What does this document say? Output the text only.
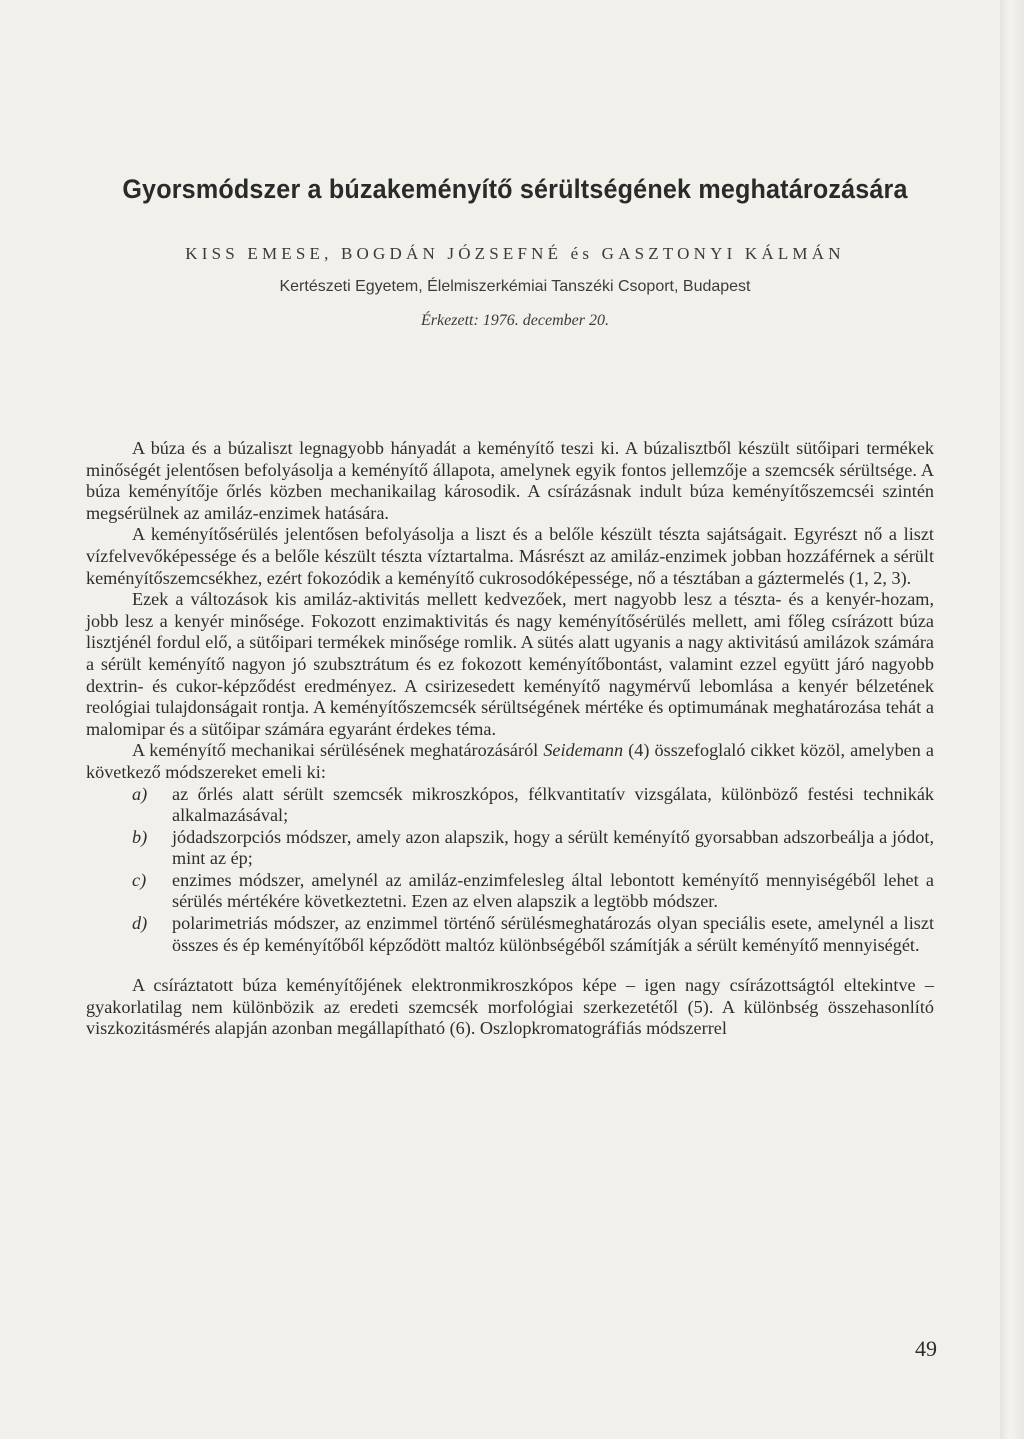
Gyorsmódszer a búzakeményítő sérültségének meghatározására
KISS EMESE, BOGDÁN JÓZSEFNÉ és GASZTONYI KÁLMÁN
Kertészeti Egyetem, Élelmiszerkémiai Tanszéki Csoport, Budapest
Érkezett: 1976. december 20.

A búza és a búzaliszt legnagyobb hányadát a keményítő teszi ki. A búzalisztből készült sütőipari termékek minőségét jelentősen befolyásolja a keményítő állapota, amelynek egyik fontos jellemzője a szemcsék sérültsége. A búza keményítője őrlés közben mechanikailag károsodik. A csírázásnak indult búza keményítőszemcséi szintén megsérülnek az amiláz-enzimek hatására.

A keményítősérülés jelentősen befolyásolja a liszt és a belőle készült tészta sajátságait. Egyrészt nő a liszt vízfelvevőképessége és a belőle készült tészta víztartalma. Másrészt az amiláz-enzimek jobban hozzáférnek a sérült keményítőszemcsékhez, ezért fokozódik a keményítő cukrosodóképessége, nő a tésztában a gáztermelés (1, 2, 3).

Ezek a változások kis amiláz-aktivitás mellett kedvezőek, mert nagyobb lesz a tészta- és a kenyér-hozam, jobb lesz a kenyér minősége. Fokozott enzimaktivitás és nagy keményítősérülés mellett, ami főleg csírázott búza lisztjénél fordul elő, a sütőipari termékek minősége romlik. A sütés alatt ugyanis a nagy aktivitású amilázok számára a sérült keményítő nagyon jó szubsztrátum és ez fokozott keményítőbontást, valamint ezzel együtt járó nagyobb dextrin- és cukor-képződést eredményez. A csirizesedett keményítő nagymérvű lebomlása a kenyér bélzetének reológiai tulajdonságait rontja. A keményítőszemcsék sérültségének mértéke és optimumának meghatározása tehát a malomipar és a sütőipar számára egyaránt érdekes téma.

A keményítő mechanikai sérülésének meghatározásáról Seidemann (4) összefoglaló cikket közöl, amelyben a következő módszereket emeli ki:

a)	az őrlés alatt sérült szemcsék mikroszkópos, félkvantitatív vizsgálata, különböző festési technikák alkalmazásával;
b)	jódadszorpciós módszer, amely azon alapszik, hogy a sérült keményítő gyorsabban adszorbeálja a jódot, mint az ép;
c)	enzimes módszer, amelynél az amiláz-enzimfelesleg által lebontott keményítő mennyiségéből lehet a sérülés mértékére következtetni. Ezen az elven alapszik a legtöbb módszer.
d)	polarimetriás módszer, az enzimmel történő sérülésmeghatározás olyan speciális esete, amelynél a liszt összes és ép keményítőből képződött maltóz különbségéből számítják a sérült keményítő mennyiségét.

A csíráztatott búza keményítőjének elektronmikroszkópos képe – igen nagy csírázottságtól eltekintve – gyakorlatilag nem különbözik az eredeti szemcsék morfológiai szerkezetétől (5). A különbség összehasonlító viszkozitásmérés alapján azonban megállapítható (6). Oszlopkromatográfiás módszerrel

49
